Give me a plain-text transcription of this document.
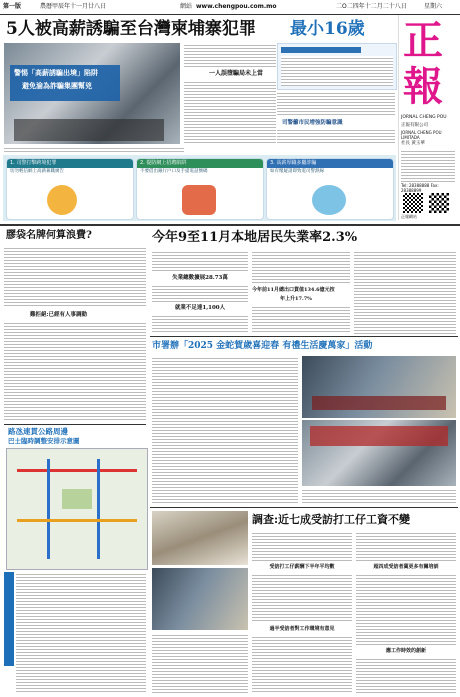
第一版	農曆甲辰年十一月廿八日	網站 www.chengpou.com.mo	二O二四年十二月二十八日	星期六
5人被高薪誘騙至台灣柬埔寨犯罪	最小16歲 正
報
JORNAL CHENG POU
正報有限公司
JORNAL CHENG POU LIMITADA
社長 黃玉華
Tel: 28388888 Fax: 28388899
正報網站
警惕「高薪誘騙出境」陷阱
避免淪為詐騙集團幫兇
一人誤墮騙局未上當
司警籲市民增強防騙意識
1. 司警打擊跨境犯罪
切勿輕信網上高薪兼職廣告
2. 提防網上招聘陷阱
不要借出銀行戶口及手提電話號碼
3. 高薪厚職多屬詐騙
如有懷疑請即致電司警熱線
膠袋名牌何算浪費?
難拒絕:已經有人事調動
路氹連貫公路周邊
巴士臨時調整安排示意圖
今年9至11月本地居民失業率2.3%
失業總數擴展28.73萬
就業不足達1,100人
今年前11月總出口貨值134.6億元按
年上升17.7%
市署辦「2025 金蛇賀歲喜迎春 有禮生活慶萬家」活動
調查:近七成受訪打工仔工資不變
受訪打工仔薪酬下半年平均數
過半受訪者對工作環境有意見
超四成受訪者冀更多有關培訓
應工作時效的創新
